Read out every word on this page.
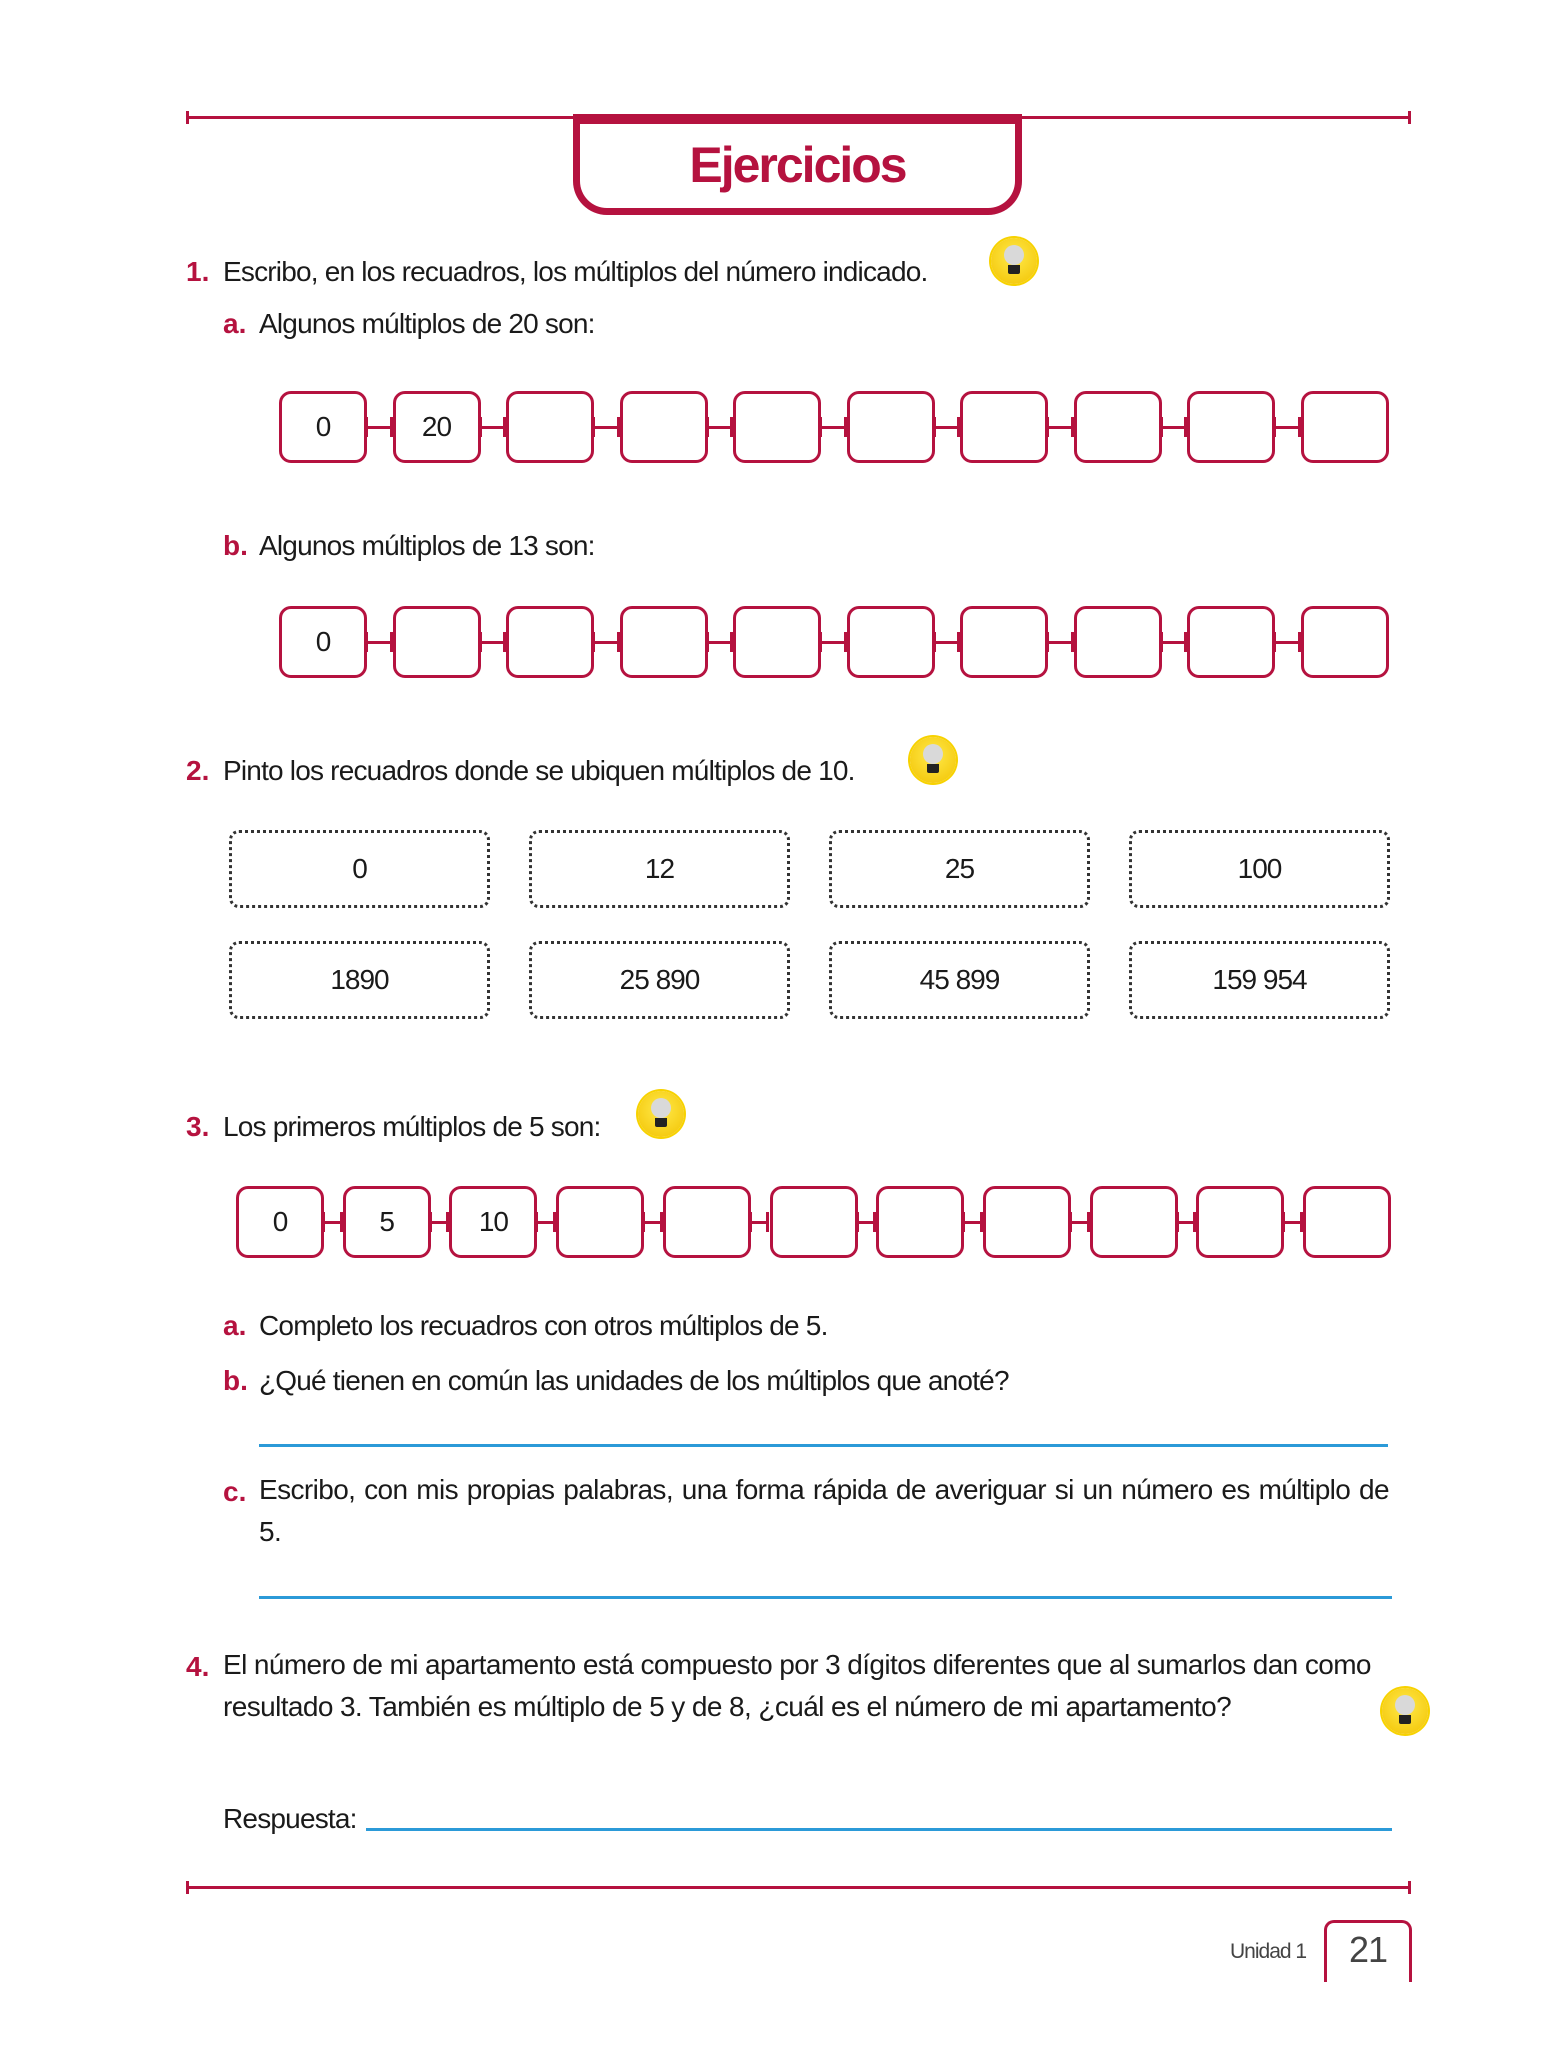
Ejercicios
1. Escribo, en los recuadros, los múltiplos del número indicado.
a. Algunos múltiplos de 20 son:
0	20
b. Algunos múltiplos de 13 son:
0
2. Pinto los recuadros donde se ubiquen múltiplos de 10.
0	12	25	100
1890	25 890	45 899	159 954
3. Los primeros múltiplos de 5 son:
0	5	10
a. Completo los recuadros con otros múltiplos de 5.
b. ¿Qué tienen en común las unidades de los múltiplos que anoté?
c. Escribo, con mis propias palabras, una forma rápida de averiguar si un número es múltiplo de 5.
4. El número de mi apartamento está compuesto por 3 dígitos diferentes que al sumarlos dan como resultado 3. También es múltiplo de 5 y de 8, ¿cuál es el número de mi apartamento?
Respuesta:
Unidad 1	21
